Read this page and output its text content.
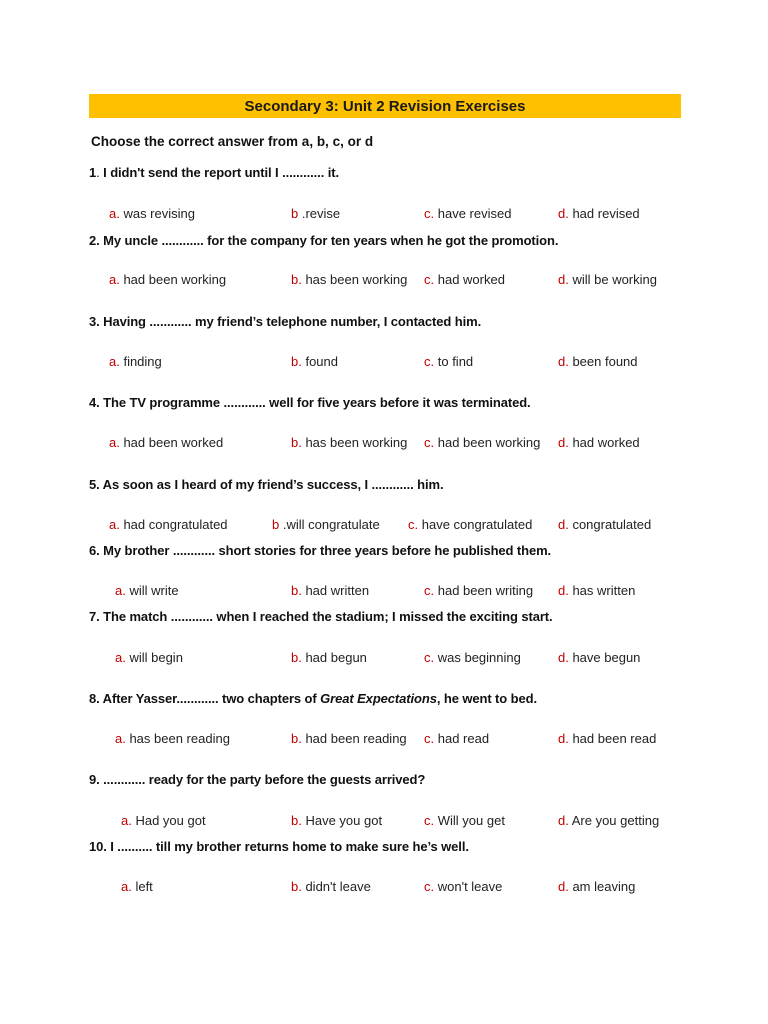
Secondary 3: Unit 2 Revision Exercises
Choose the correct answer from a, b, c, or d
1. I didn't send the report until I ............ it.
a. was revising	b .revise	c. have revised	d. had revised
2. My uncle ............ for the company for ten years when he got the promotion.
a. had been working	b. has been working c. had worked	d. will be working
3. Having ............ my friend’s telephone number, I contacted him.
a. finding	b. found	c. to find	d. been found
4. The TV programme ............ well for five years before it was terminated.
a. had been worked	b. has been working c. had been working d. had worked
5. As soon as I heard of my friend’s success, I ............ him.
a. had congratulated	b .will congratulate c. have congratulated d. congratulated
6. My brother ............ short stories for three years before he published them.
a. will write	b. had written	c. had been writing d. has written
7. The match ............ when I reached the stadium; I missed the exciting start.
a. will begin	b. had begun	c. was beginning	d. have begun
8. After Yasser............ two chapters of Great Expectations, he went to bed.
a. has been reading	b. had been reading c. had read	d. had been read
9. ............ ready for the party before the guests arrived?
a. Had you got	b. Have you got	c. Will you get	d. Are you getting
10. I .......... till my brother returns home to make sure he’s well.
a. left	b. didn't leave	c. won't leave	d. am leaving
